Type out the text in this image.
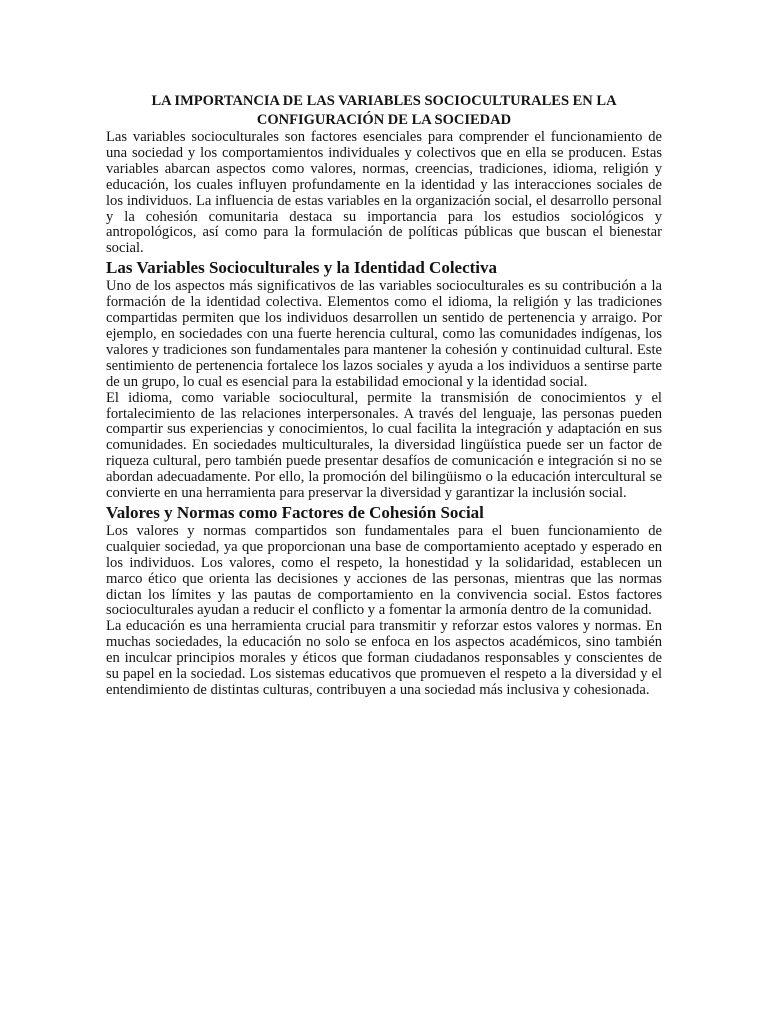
LA IMPORTANCIA DE LAS VARIABLES SOCIOCULTURALES EN LA
CONFIGURACIÓN DE LA SOCIEDAD

Las variables socioculturales son factores esenciales para comprender el funcionamiento de una sociedad y los comportamientos individuales y colectivos que en ella se producen. Estas variables abarcan aspectos como valores, normas, creencias, tradiciones, idioma, religión y educación, los cuales influyen profundamente en la identidad y las interacciones sociales de los individuos. La influencia de estas variables en la organización social, el desarrollo personal y la cohesión comunitaria destaca su importancia para los estudios sociológicos y antropológicos, así como para la formulación de políticas públicas que buscan el bienestar social.

Las Variables Socioculturales y la Identidad Colectiva

Uno de los aspectos más significativos de las variables socioculturales es su contribución a la formación de la identidad colectiva. Elementos como el idioma, la religión y las tradiciones compartidas permiten que los individuos desarrollen un sentido de pertenencia y arraigo. Por ejemplo, en sociedades con una fuerte herencia cultural, como las comunidades indígenas, los valores y tradiciones son fundamentales para mantener la cohesión y continuidad cultural. Este sentimiento de pertenencia fortalece los lazos sociales y ayuda a los individuos a sentirse parte de un grupo, lo cual es esencial para la estabilidad emocional y la identidad social.

El idioma, como variable sociocultural, permite la transmisión de conocimientos y el fortalecimiento de las relaciones interpersonales. A través del lenguaje, las personas pueden compartir sus experiencias y conocimientos, lo cual facilita la integración y adaptación en sus comunidades. En sociedades multiculturales, la diversidad lingüística puede ser un factor de riqueza cultural, pero también puede presentar desafíos de comunicación e integración si no se abordan adecuadamente. Por ello, la promoción del bilingüismo o la educación intercultural se convierte en una herramienta para preservar la diversidad y garantizar la inclusión social.

Valores y Normas como Factores de Cohesión Social

Los valores y normas compartidos son fundamentales para el buen funcionamiento de cualquier sociedad, ya que proporcionan una base de comportamiento aceptado y esperado en los individuos. Los valores, como el respeto, la honestidad y la solidaridad, establecen un marco ético que orienta las decisiones y acciones de las personas, mientras que las normas dictan los límites y las pautas de comportamiento en la convivencia social. Estos factores socioculturales ayudan a reducir el conflicto y a fomentar la armonía dentro de la comunidad.

La educación es una herramienta crucial para transmitir y reforzar estos valores y normas. En muchas sociedades, la educación no solo se enfoca en los aspectos académicos, sino también en inculcar principios morales y éticos que forman ciudadanos responsables y conscientes de su papel en la sociedad. Los sistemas educativos que promueven el respeto a la diversidad y el entendimiento de distintas culturas, contribuyen a una sociedad más inclusiva y cohesionada.
